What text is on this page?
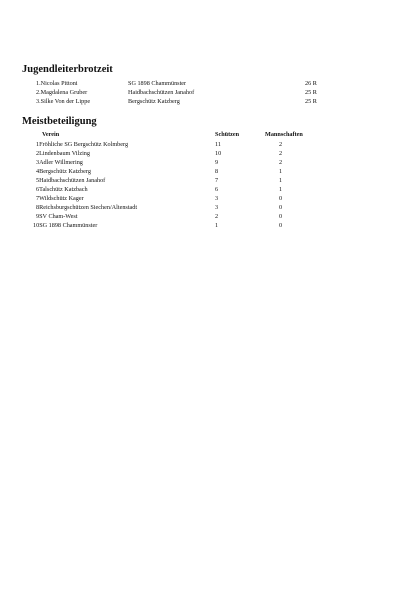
Jugendleiterbrotzeit
1.Nicolas Pittoni	SG 1898 Chammünster	26 R
2.Magdalena Gruber	Haidbachschützen Janahof	25 R
3.Silke Von der Lippe	Bergschütz Katzberg	25 R
Meistbeteiligung
Verein	Schützen	Mannschaften
1Fröhliche SG Bergschütz Kolmberg	11	2
2Lindenbaum Vilzing	10	2
3Adler Willmering	9	2
4Bergschütz Katzberg	8	1
5Haidbachschützen Janahof	7	1
6Talschütz Katzbach	6	1
7Wildschütz Kager	3	0
8Reichsburgschützen Siechen/Altenstadt	3	0
9SV Cham-West	2	0
10SG 1898 Chammünster	1	0
